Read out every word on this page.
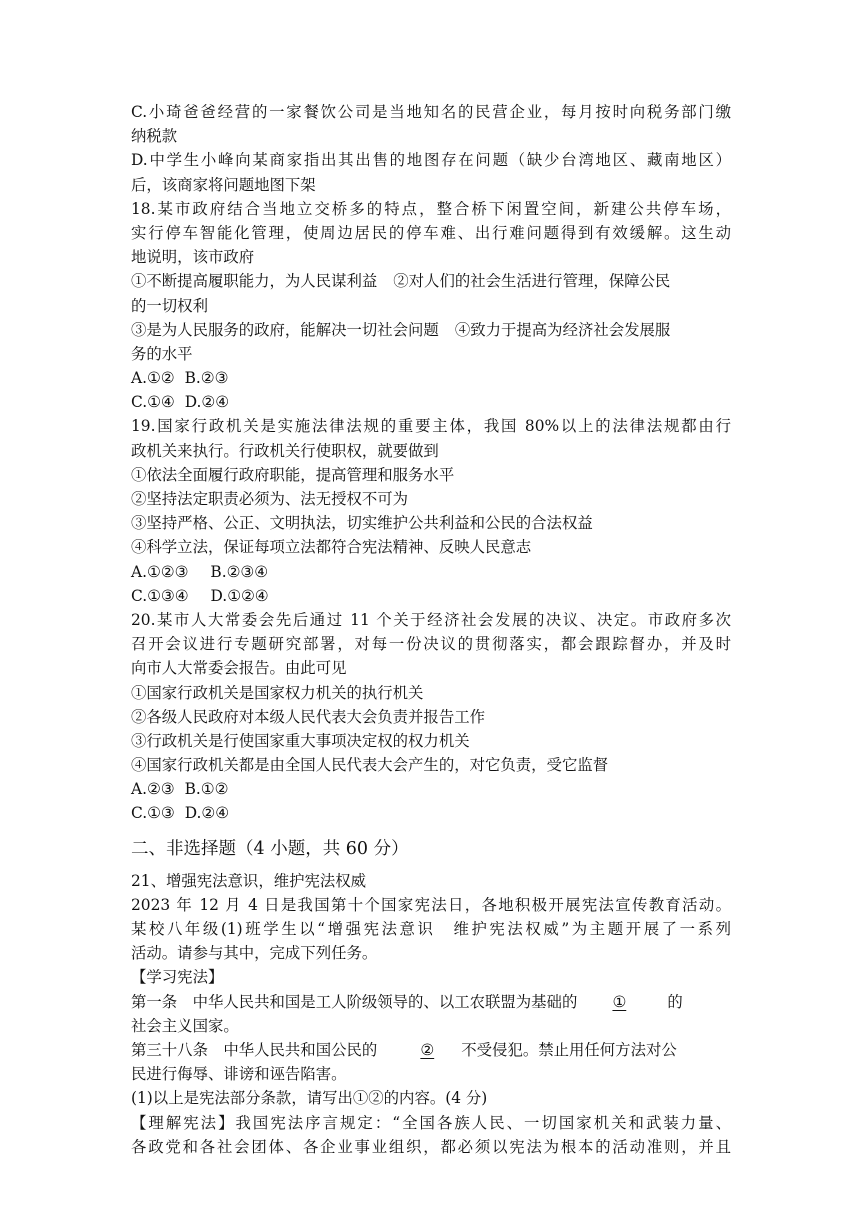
C.小琦爸爸经营的一家餐饮公司是当地知名的民营企业，每月按时向税务部门缴
纳税款
D.中学生小峰向某商家指出其出售的地图存在问题（缺少台湾地区、藏南地区）
后，该商家将问题地图下架
18.某市政府结合当地立交桥多的特点，整合桥下闲置空间，新建公共停车场，
实行停车智能化管理，使周边居民的停车难、出行难问题得到有效缓解。这生动
地说明，该市政府
①不断提高履职能力，为人民谋利益 ②对人们的社会生活进行管理，保障公民
的一切权利
③是为人民服务的政府，能解决一切社会问题 ④致力于提高为经济社会发展服
务的水平
A.①② B.②③
C.①④ D.②④
19.国家行政机关是实施法律法规的重要主体，我国 80%以上的法律法规都由行
政机关来执行。行政机关行使职权，就要做到
①依法全面履行政府职能，提高管理和服务水平
②坚持法定职责必须为、法无授权不可为
③坚持严格、公正、文明执法，切实维护公共利益和公民的合法权益
④科学立法，保证每项立法都符合宪法精神、反映人民意志
A.①②③ B.②③④
C.①③④ D.①②④
20.某市人大常委会先后通过 11 个关于经济社会发展的决议、决定。市政府多次
召开会议进行专题研究部署，对每一份决议的贯彻落实，都会跟踪督办，并及时
向市人大常委会报告。由此可见
①国家行政机关是国家权力机关的执行机关
②各级人民政府对本级人民代表大会负责并报告工作
③行政机关是行使国家重大事项决定权的权力机关
④国家行政机关都是由全国人民代表大会产生的，对它负责，受它监督
A.②③ B.①②
C.①③ D.②④
二、非选择题（4 小题，共 60 分）
21、增强宪法意识，维护宪法权威
2023 年 12 月 4 日是我国第十个国家宪法日，各地积极开展宪法宣传教育活动。
某校八年级(1)班学生以“增强宪法意识　维护宪法权威”为主题开展了一系列
活动。请参与其中，完成下列任务。
【学习宪法】
第一条　中华人民共和国是工人阶级领导的、以工农联盟为基础的 ①	的
社会主义国家。
第三十八条　中华人民共和国公民的	② 不受侵犯。禁止用任何方法对公
民进行侮辱、诽谤和诬告陷害。
(1)以上是宪法部分条款，请写出①②的内容。(4 分)
【理解宪法】我国宪法序言规定：“全国各族人民、一切国家机关和武装力量、
各政党和各社会团体、各企业事业组织，都必须以宪法为根本的活动准则，并且
